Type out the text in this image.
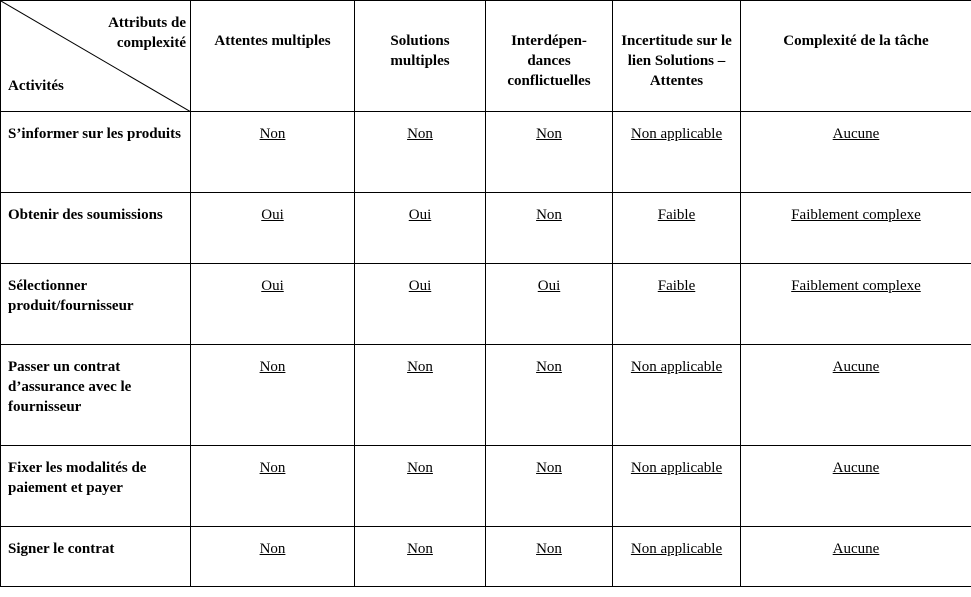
Attributs de complexité
Activités	Attentes multiples	Solutions multiples	Interdépen-dances conflictuelles	Incertitude sur le lien Solutions –Attentes	Complexité de la tâche

S’informer sur les produits	Non	Non	Non	Non applicable	Aucune

Obtenir des soumissions	Oui	Oui	Non	Faible	Faiblement complexe

Sélectionner produit/fournisseur	Oui	Oui	Oui	Faible	Faiblement complexe

Passer un contrat d’assurance avec le fournisseur	Non	Non	Non	Non applicable	Aucune

Fixer les modalités de paiement et payer	Non	Non	Non	Non applicable	Aucune

Signer le contrat	Non	Non	Non	Non applicable	Aucune
